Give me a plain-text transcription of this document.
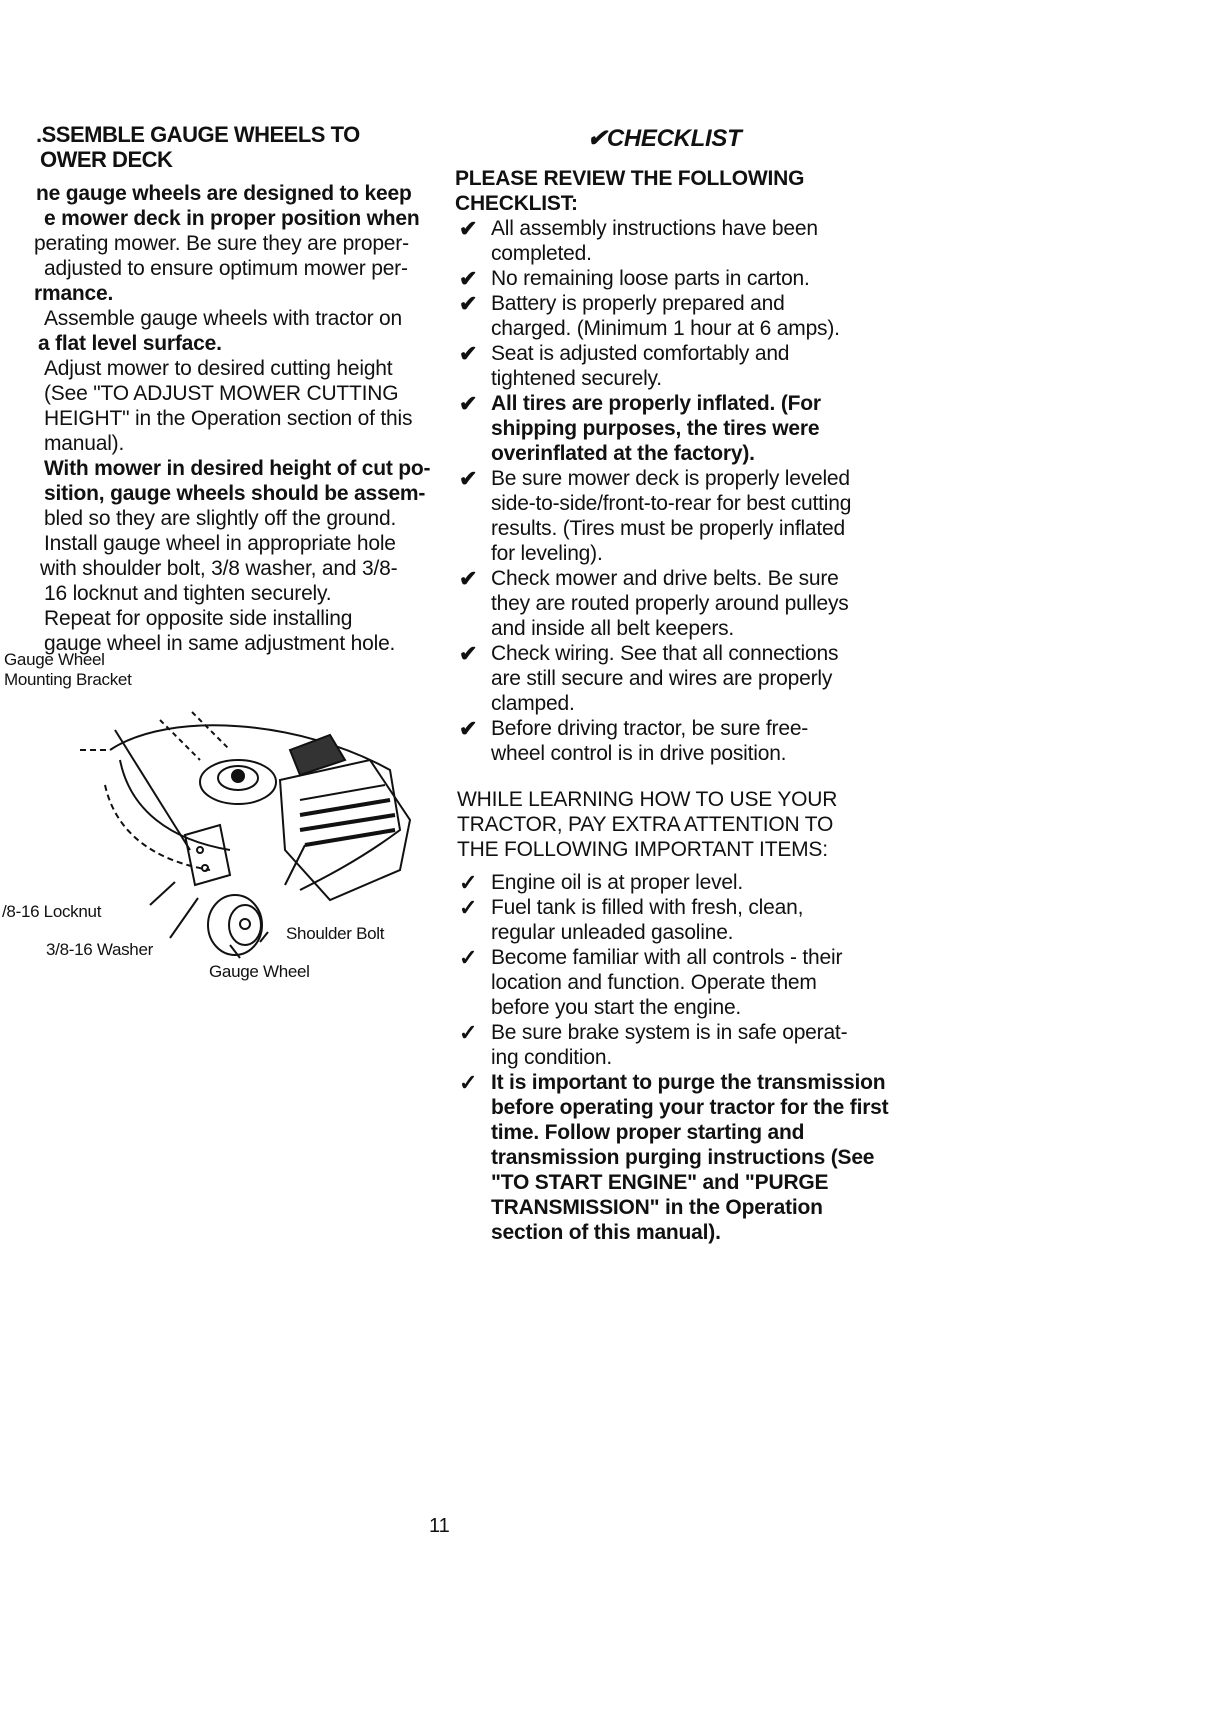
.SSEMBLE GAUGE WHEELS TO
OWER DECK
ne gauge wheels are designed to keep
e mower deck in proper position when
perating mower. Be sure they are proper-
adjusted to ensure optimum mower per-
rmance.
Assemble gauge wheels with tractor on
a flat level surface.
Adjust mower to desired cutting height
(See "TO ADJUST MOWER CUTTING
HEIGHT" in the Operation section of this
manual).
With mower in desired height of cut po-
sition, gauge wheels should be assem-
bled so they are slightly off the ground.
Install gauge wheel in appropriate hole
with shoulder bolt, 3/8 washer, and 3/8-
16 locknut and tighten securely.
Repeat for opposite side installing
gauge wheel in same adjustment hole.
Gauge Wheel
Mounting Bracket
/8-16 Locknut
3/8-16 Washer
Shoulder Bolt
Gauge Wheel
✔CHECKLIST
PLEASE REVIEW THE FOLLOWING
CHECKLIST:
✔ All assembly instructions have been
completed.
✔ No remaining loose parts in carton.
✔ Battery is properly prepared and
charged. (Minimum 1 hour at 6 amps).
✔ Seat is adjusted comfortably and
tightened securely.
✔ All tires are properly inflated. (For
shipping purposes, the tires were
overinflated at the factory).
✔ Be sure mower deck is properly leveled
side-to-side/front-to-rear for best cutting
results. (Tires must be properly inflated
for leveling).
✔ Check mower and drive belts. Be sure
they are routed properly around pulleys
and inside all belt keepers.
✔ Check wiring. See that all connections
are still secure and wires are properly
clamped.
✔ Before driving tractor, be sure free-
wheel control is in drive position.
WHILE LEARNING HOW TO USE YOUR
TRACTOR, PAY EXTRA ATTENTION TO
THE FOLLOWING IMPORTANT ITEMS:
✓ Engine oil is at proper level.
✓ Fuel tank is filled with fresh, clean,
regular unleaded gasoline.
✓ Become familiar with all controls - their
location and function. Operate them
before you start the engine.
✓ Be sure brake system is in safe operat-
ing condition.
✓ It is important to purge the transmission
before operating your tractor for the first
time. Follow proper starting and
transmission purging instructions (See
"TO START ENGINE" and "PURGE
TRANSMISSION" in the Operation
section of this manual).
11
